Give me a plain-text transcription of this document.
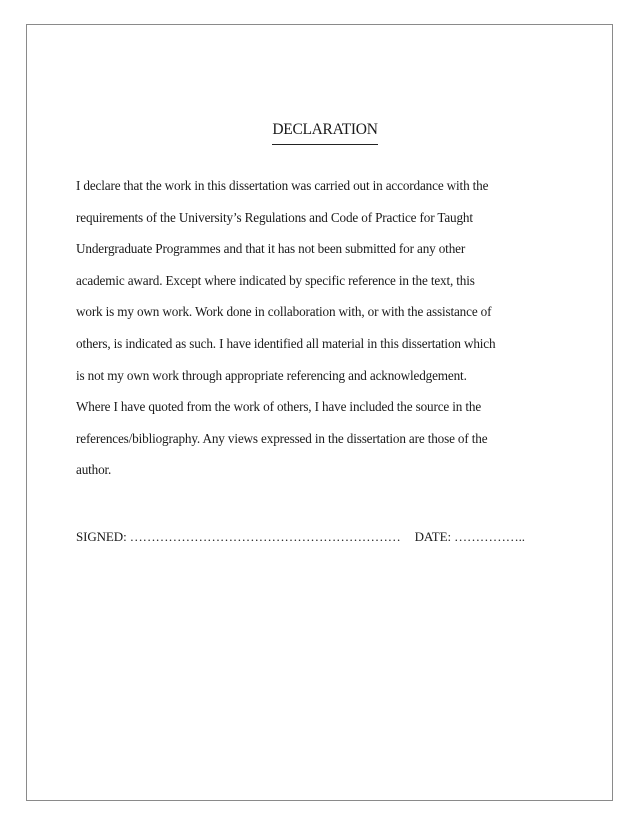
DECLARATION
I declare that the work in this dissertation was carried out in accordance with the
requirements of the University’s Regulations and Code of Practice for Taught
Undergraduate Programmes and that it has not been submitted for any other
academic award. Except where indicated by specific reference in the text, this
work is my own work. Work done in collaboration with, or with the assistance of
others, is indicated as such. I have identified all material in this dissertation which
is not my own work through appropriate referencing and acknowledgement.
Where I have quoted from the work of others, I have included the source in the
references/bibliography. Any views expressed in the dissertation are those of the
author.
SIGNED: ……………………………………………………… DATE: ……………..
